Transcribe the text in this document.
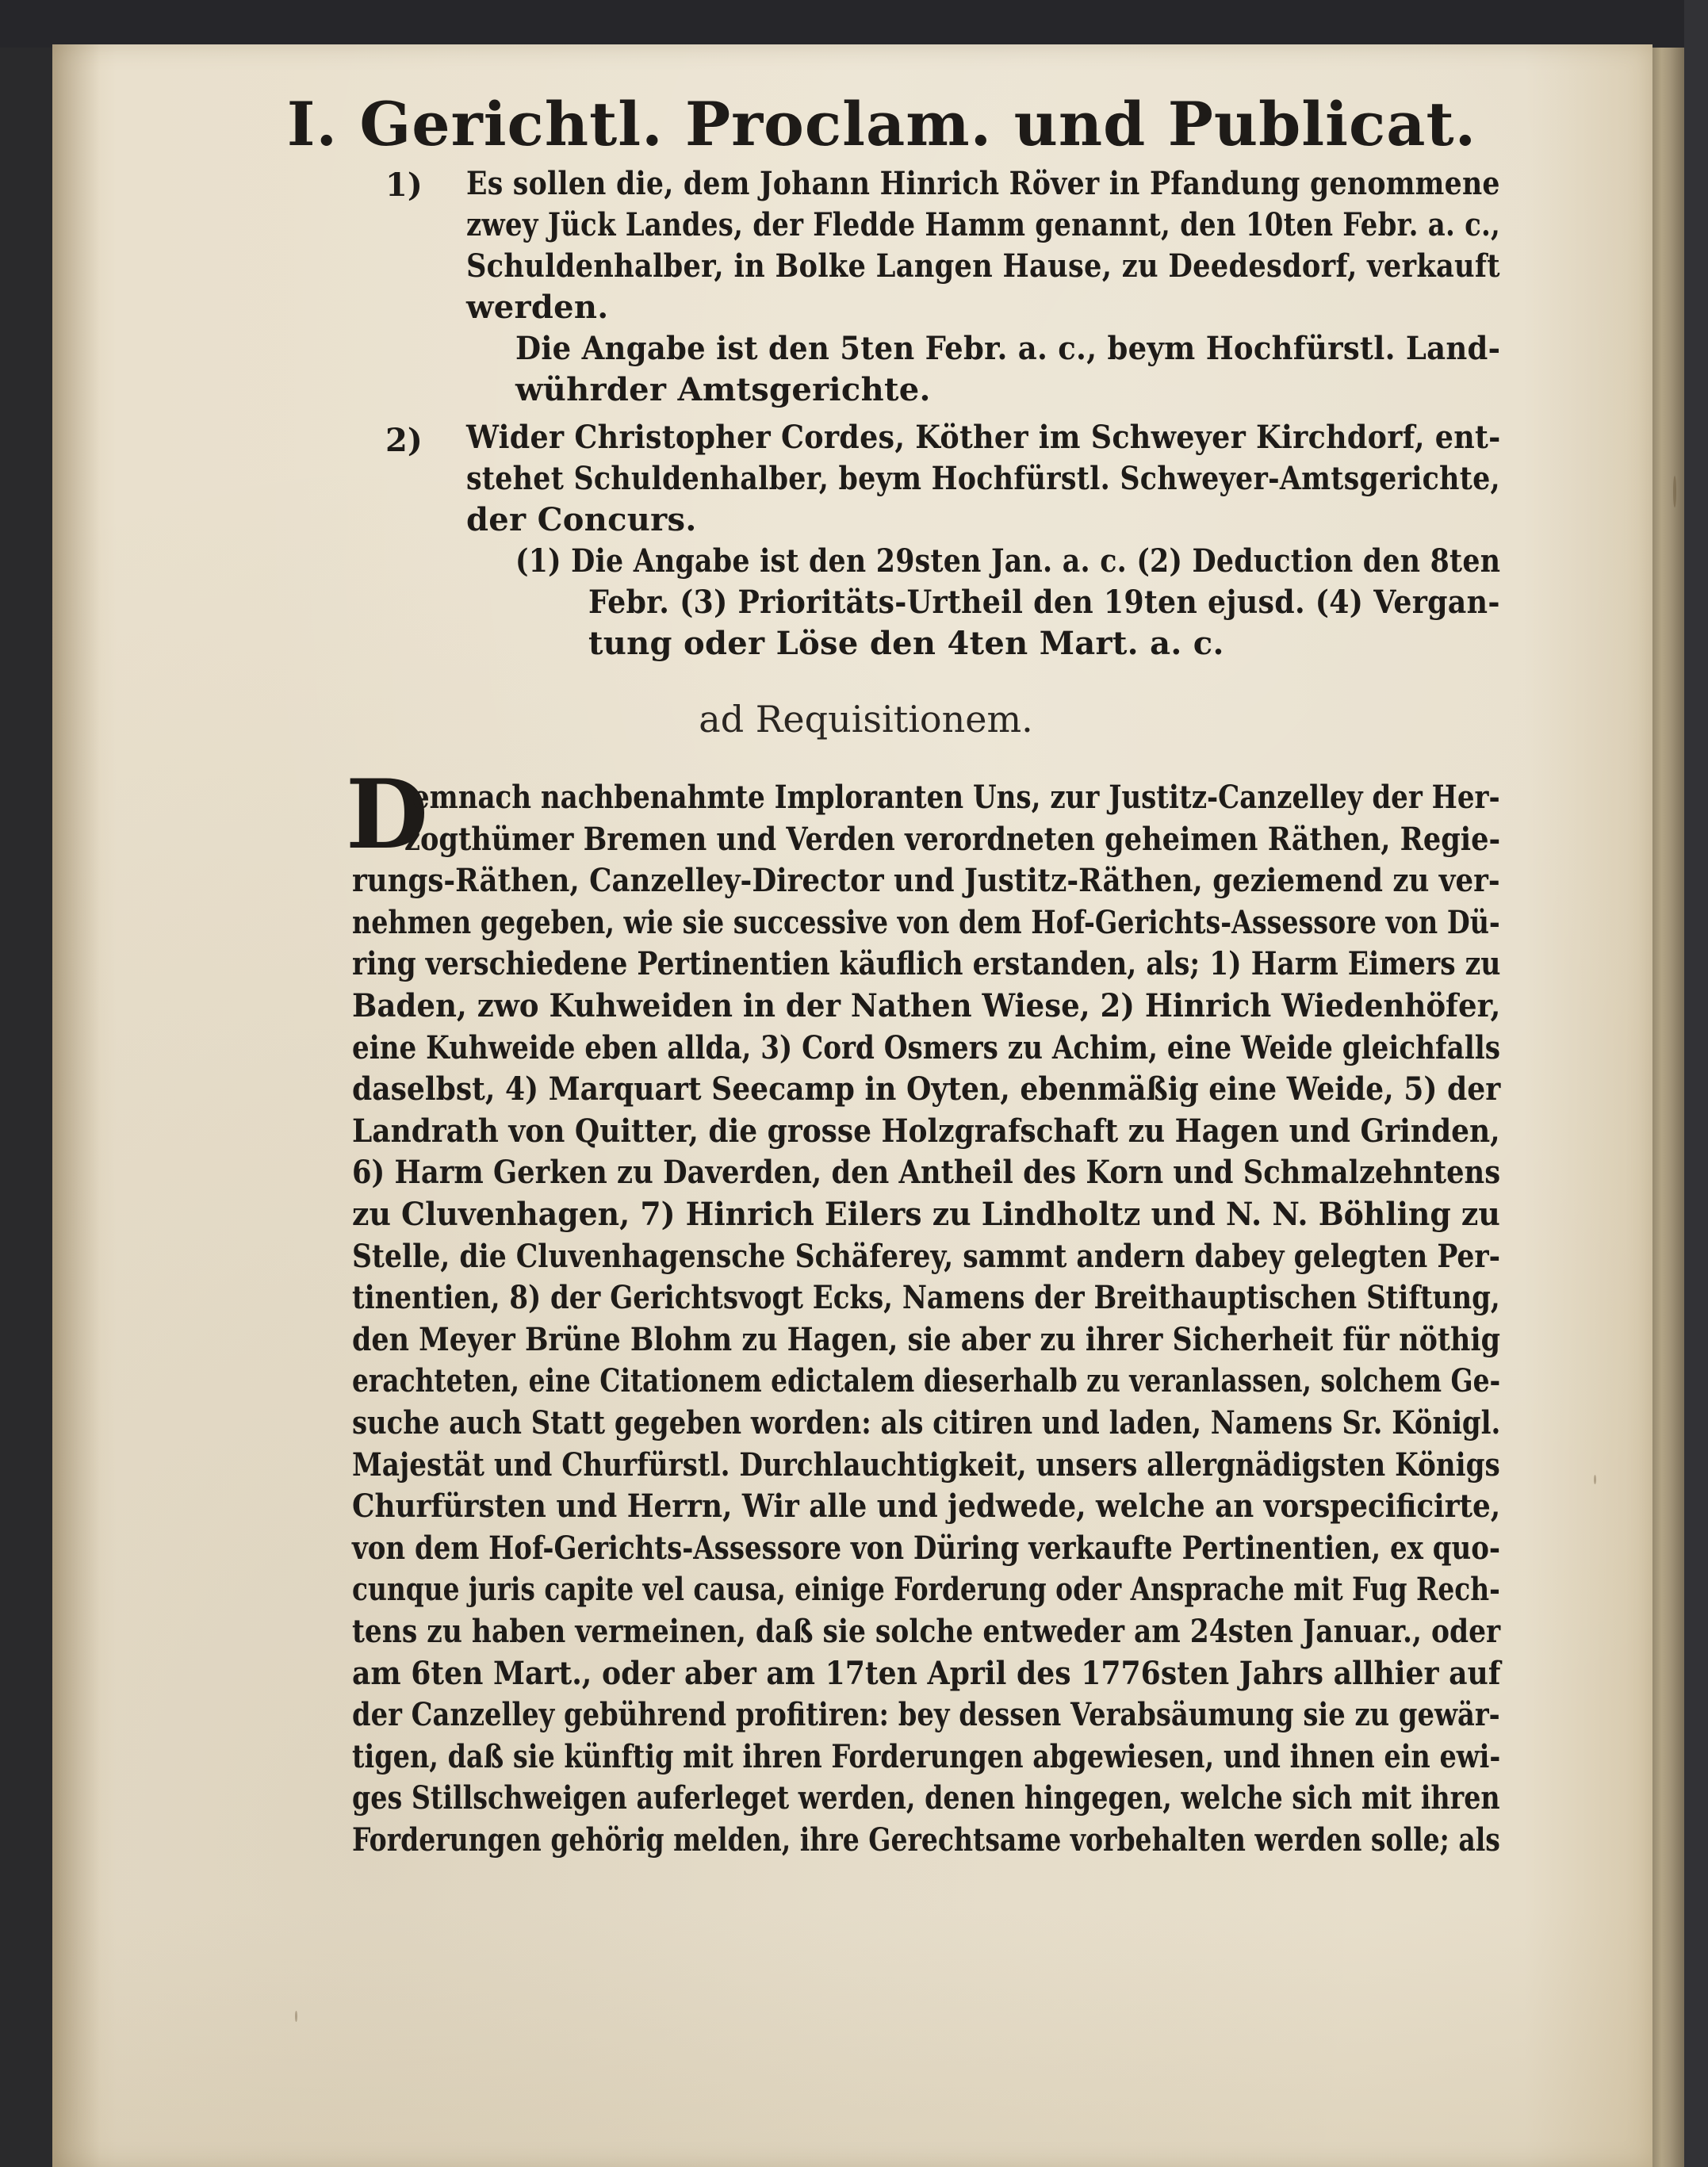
I. Gerichtl. Proclam. und Publicat.
1) Es sollen die, dem Johann Hinrich Röver in Pfandung genommene
zwey Jück Landes, der Fledde Hamm genannt, den 10ten Febr. a. c.,
Schuldenhalber, in Bolke Langen Hause, zu Deedesdorf, verkauft
werden.
Die Angabe ist den 5ten Febr. a. c., beym Hochfürstl. Land-
wührder Amtsgerichte.
2) Wider Christopher Cordes, Köther im Schweyer Kirchdorf, ent-
stehet Schuldenhalber, beym Hochfürstl. Schweyer-Amtsgerichte,
der Concurs.
(1) Die Angabe ist den 29sten Jan. a. c. (2) Deduction den 8ten
Febr. (3) Prioritäts-Urtheil den 19ten ejusd. (4) Vergan-
tung oder Löse den 4ten Mart. a. c.
ad Requisitionem.
D
emnach nachbenahmte Imploranten Uns, zur Justitz-Canzelley der Her-
zogthümer Bremen und Verden verordneten geheimen Räthen, Regie-
rungs-Räthen, Canzelley-Director und Justitz-Räthen, geziemend zu ver-
nehmen gegeben, wie sie successive von dem Hof-Gerichts-Assessore von Dü-
ring verschiedene Pertinentien käuflich erstanden, als; 1) Harm Eimers zu
Baden, zwo Kuhweiden in der Nathen Wiese, 2) Hinrich Wiedenhöfer,
eine Kuhweide eben allda, 3) Cord Osmers zu Achim, eine Weide gleichfalls
daselbst, 4) Marquart Seecamp in Oyten, ebenmäßig eine Weide, 5) der
Landrath von Quitter, die grosse Holzgrafschaft zu Hagen und Grinden,
6) Harm Gerken zu Daverden, den Antheil des Korn und Schmalzehntens
zu Cluvenhagen, 7) Hinrich Eilers zu Lindholtz und N. N. Böhling zu
Stelle, die Cluvenhagensche Schäferey, sammt andern dabey gelegten Per-
tinentien, 8) der Gerichtsvogt Ecks, Namens der Breithauptischen Stiftung,
den Meyer Brüne Blohm zu Hagen, sie aber zu ihrer Sicherheit für nöthig
erachteten, eine Citationem edictalem dieserhalb zu veranlassen, solchem Ge-
suche auch Statt gegeben worden: als citiren und laden, Namens Sr. Königl.
Majestät und Churfürstl. Durchlauchtigkeit, unsers allergnädigsten Königs
Churfürsten und Herrn, Wir alle und jedwede, welche an vorspecificirte,
von dem Hof-Gerichts-Assessore von Düring verkaufte Pertinentien, ex quo-
cunque juris capite vel causa, einige Forderung oder Ansprache mit Fug Rech-
tens zu haben vermeinen, daß sie solche entweder am 24sten Januar., oder
am 6ten Mart., oder aber am 17ten April des 1776sten Jahrs allhier auf
der Canzelley gebührend profitiren: bey dessen Verabsäumung sie zu gewär-
tigen, daß sie künftig mit ihren Forderungen abgewiesen, und ihnen ein ewi-
ges Stillschweigen auferleget werden, denen hingegen, welche sich mit ihren
Forderungen gehörig melden, ihre Gerechtsame vorbehalten werden solle; als
